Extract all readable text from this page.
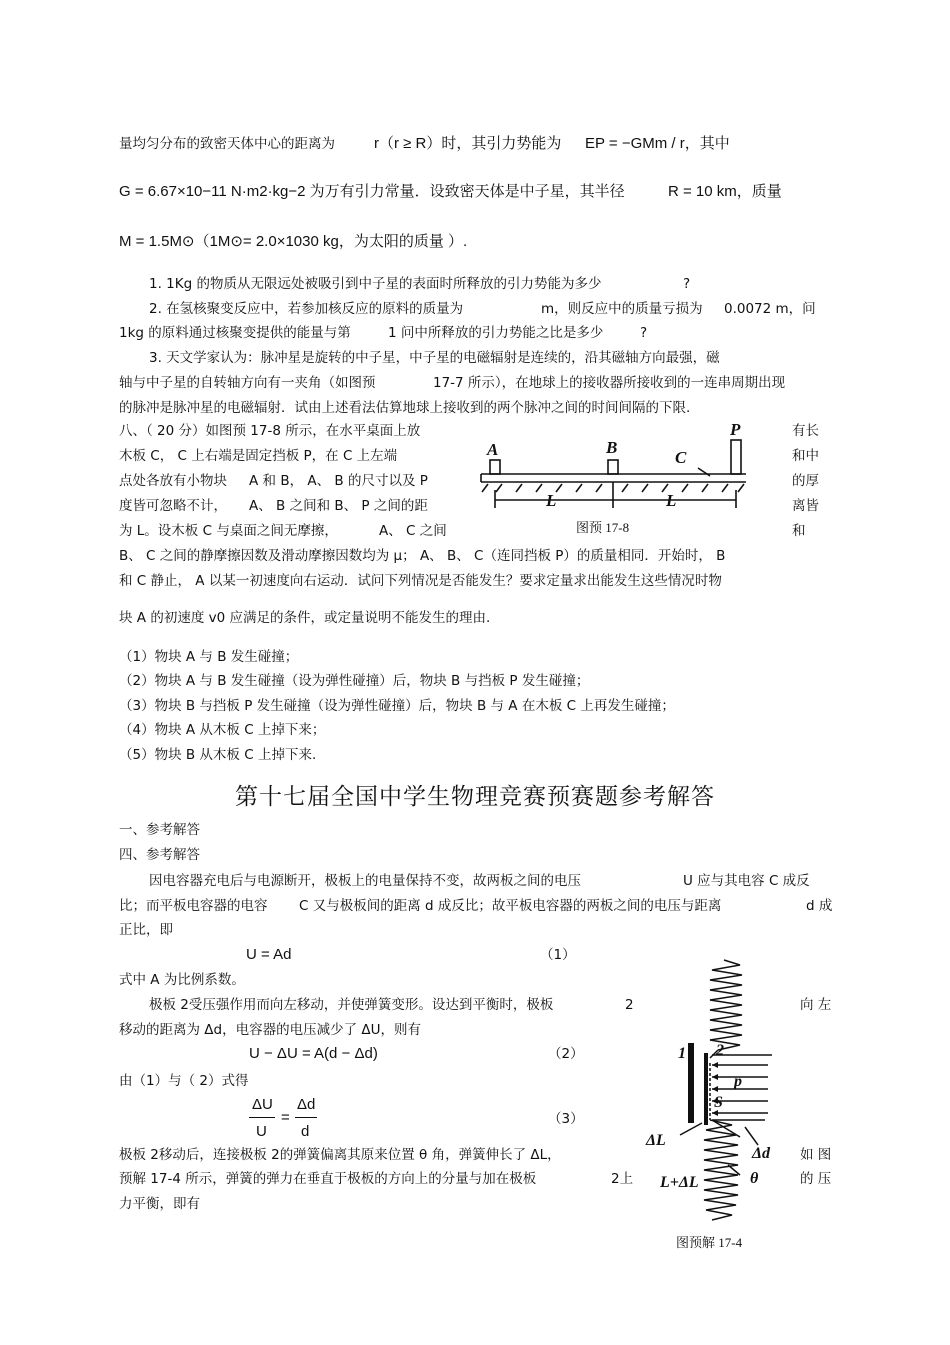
量均匀分布的致密天体中心的距离为	r（r ≥ R）时，其引力势能为 EP = −GMm / r，其中
G = 6.67×10−11 N·m2·kg−2 为万有引力常量．设致密天体是中子星，其半径	R = 10 km，质量
M = 1.5M⊙（1M⊙= 2.0×1030 kg，为太阳的质量 ）.
1. 1Kg 的物质从无限远处被吸引到中子星的表面时所释放的引力势能为多少	?
2. 在氢核聚变反应中，若参加核反应的原料的质量为	m，则反应中的质量亏损为 0.0072 m，问
1kg 的原料通过核聚变提供的能量与第	1 问中所释放的引力势能之比是多少	?
3. 天文学家认为：脉冲星是旋转的中子星，中子星的电磁辐射是连续的，沿其磁轴方向最强，磁
轴与中子星的自转轴方向有一夹角（如图预	17-7 所示），在地球上的接收器所接收到的一连串周期出现
的脉冲是脉冲星的电磁辐射．试由上述看法估算地球上接收到的两个脉冲之间的时间间隔的下限.
八、（ 20 分）如图预 17-8 所示，在水平桌面上放	有长
木板 C， C 上右端是固定挡板 P，在 C 上左端	和中
点处各放有小物块 A 和 B， A、 B 的尺寸以及 P	的厚
度皆可忽略不计， A、 B 之间和 B、 P 之间的距	离皆
为 L。设木板 C 与桌面之间无摩擦，	A、 C 之间	和
B、 C 之间的静摩擦因数及滑动摩擦因数均为 μ； A、 B、 C（连同挡板 P）的质量相同．开始时， B
和 C 静止， A 以某一初速度向右运动．试问下列情况是否能发生？要求定量求出能发生这些情况时物
块 A 的初速度 v0 应满足的条件，或定量说明不能发生的理由.
A	B
C
P
L	L
图预 17-8
（1）物块 A 与 B 发生碰撞；
（2）物块 A 与 B 发生碰撞（设为弹性碰撞）后，物块 B 与挡板 P 发生碰撞；
（3）物块 B 与挡板 P 发生碰撞（设为弹性碰撞）后，物块 B 与 A 在木板 C 上再发生碰撞；
（4）物块 A 从木板 C 上掉下来；
（5）物块 B 从木板 C 上掉下来.
第十七届全国中学生物理竞赛预赛题参考解答
一、参考解答
四、参考解答
因电容器充电后与电源断开，极板上的电量保持不变，故两板之间的电压	U 应与其电容 C 成反
比；而平板电容器的电容 C 又与极板间的距离 d 成反比；故平板电容器的两板之间的电压与距离	d 成
正比，即
U = Ad	（1）
式中 A 为比例系数。
极板 2受压强作用而向左移动，并使弹簧变形。设达到平衡时，极板	2	向 左
移动的距离为 Δd，电容器的电压减少了 ΔU，则有
U − ΔU = A(d − Δd)	（2）
由（1）与（ 2）式得
ΔU
U
=
Δd
d
（3）
极板 2移动后，连接极板 2的弹簧偏离其原来位置 θ 角，弹簧伸长了 ΔL，	如 图
预解 17-4 所示，弹簧的弹力在垂直于极板的方向上的分量与加在极板	2上	的 压
力平衡，即有
1 2
p
S
ΔL
Δd
L+ΔL	θ
图预解 17-4
